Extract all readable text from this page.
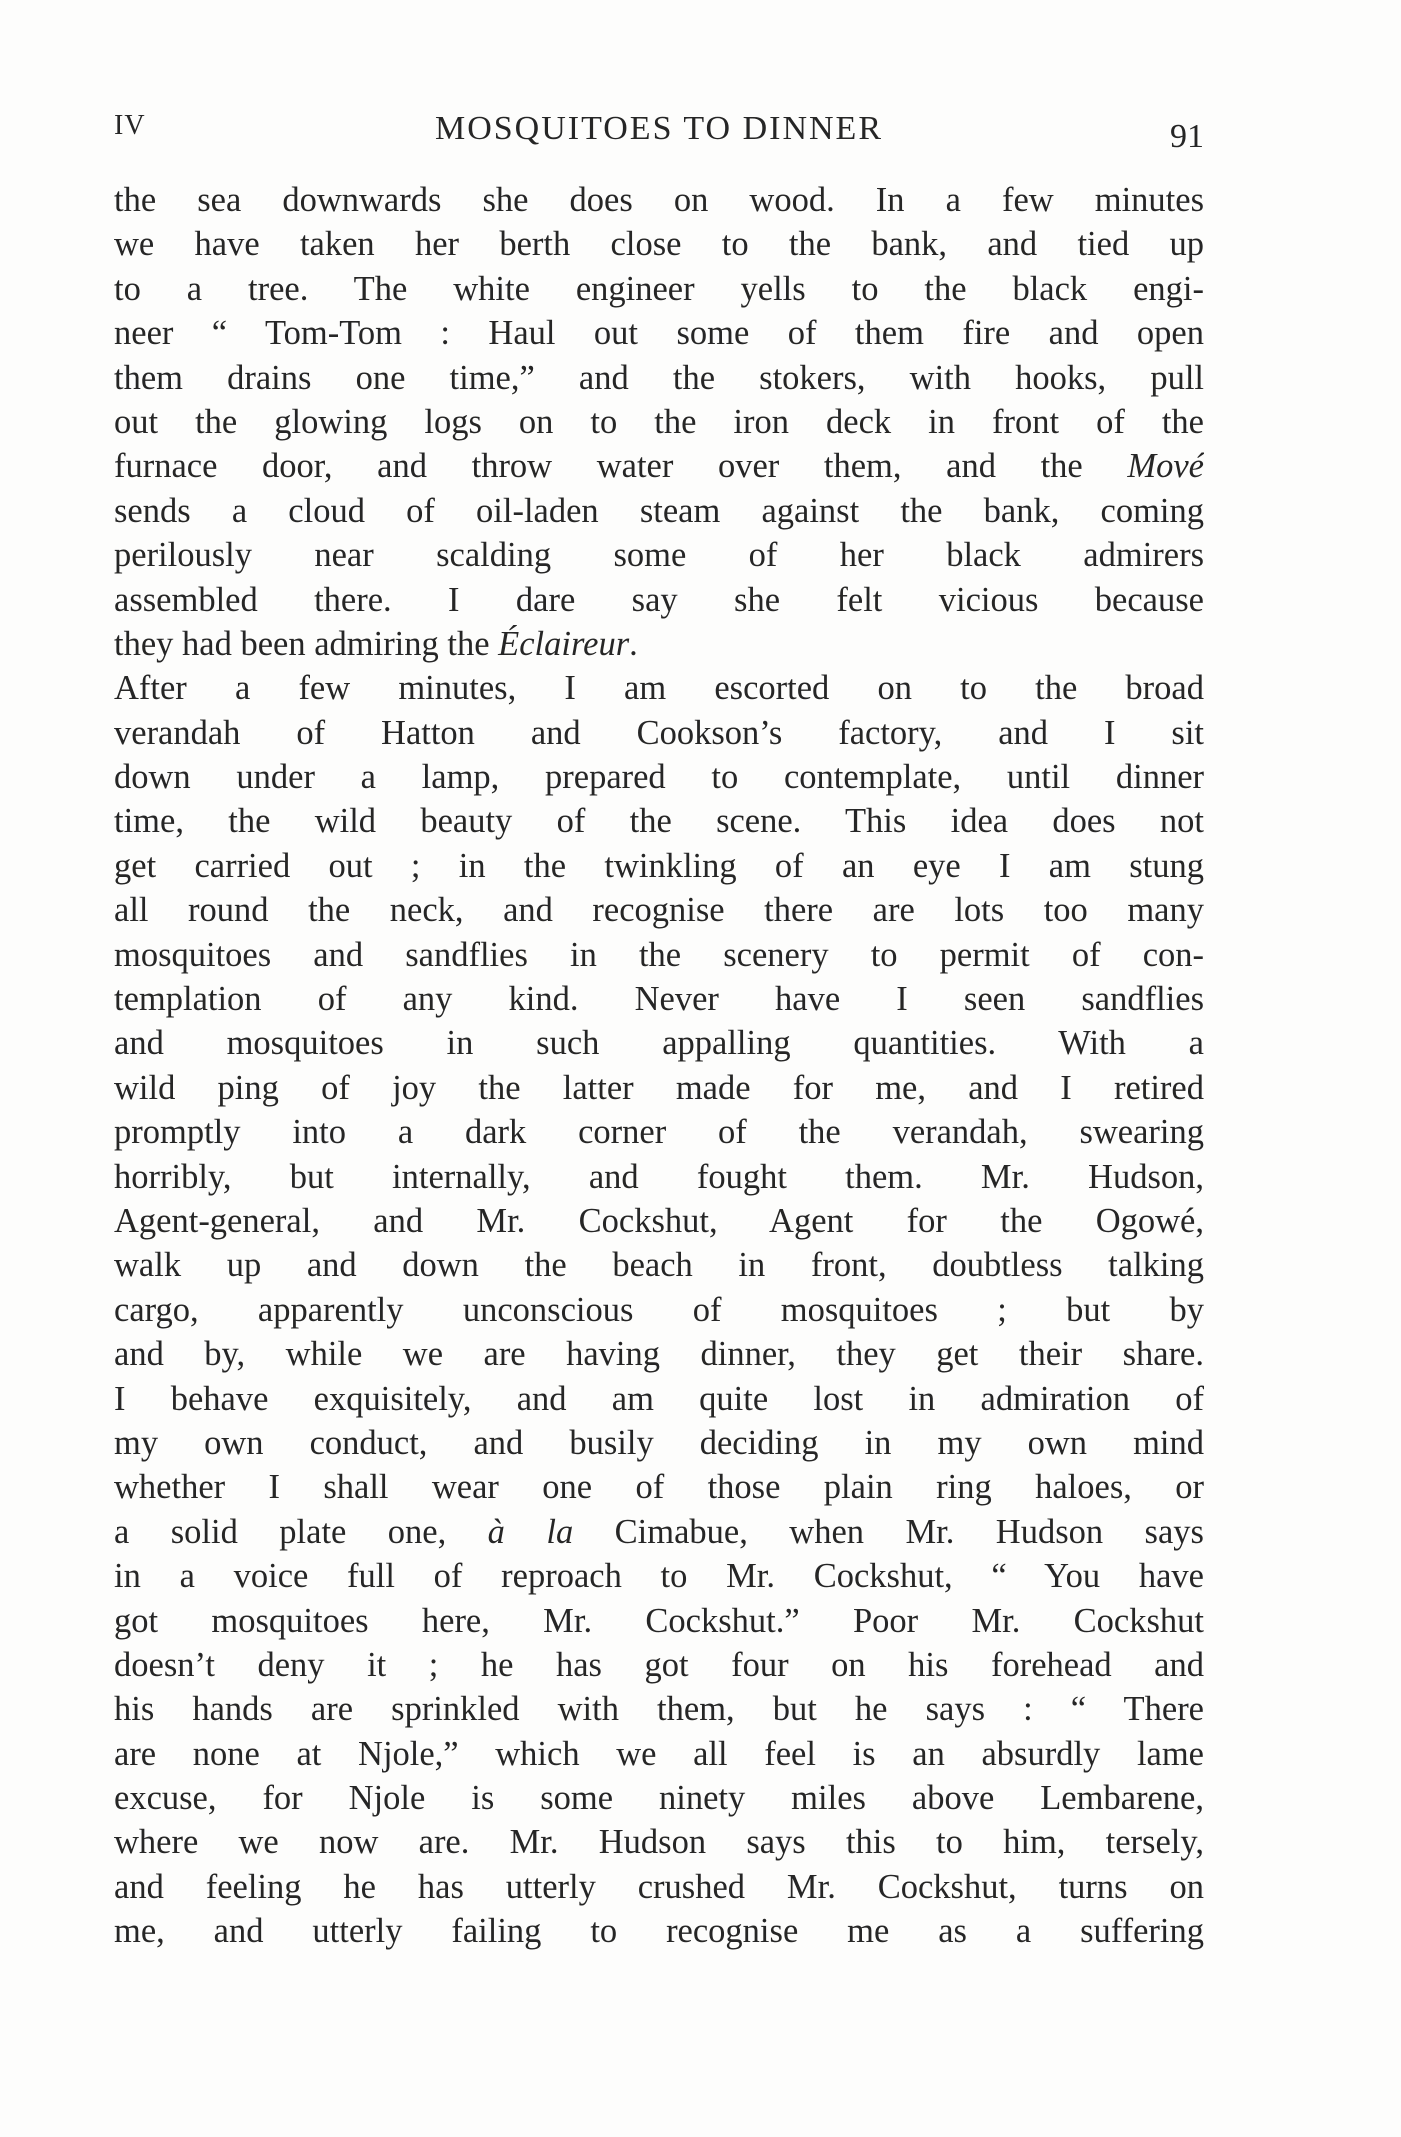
IV	MOSQUITOES TO DINNER	91
the sea downwards she does on wood. In a few minutes
we have taken her berth close to the bank, and tied up
to a tree. The white engineer yells to the black engi-
neer “ Tom-Tom : Haul out some of them fire and open
them drains one time,” and the stokers, with hooks, pull
out the glowing logs on to the iron deck in front of the
furnace door, and throw water over them, and the Mové
sends a cloud of oil-laden steam against the bank, coming
perilously near scalding some of her black admirers
assembled there. I dare say she felt vicious because
they had been admiring the Éclaireur.
After a few minutes, I am escorted on to the broad
verandah of Hatton and Cookson’s factory, and I sit
down under a lamp, prepared to contemplate, until dinner
time, the wild beauty of the scene. This idea does not
get carried out ; in the twinkling of an eye I am stung
all round the neck, and recognise there are lots too many
mosquitoes and sandflies in the scenery to permit of con-
templation of any kind. Never have I seen sandflies
and mosquitoes in such appalling quantities. With a
wild ping of joy the latter made for me, and I retired
promptly into a dark corner of the verandah, swearing
horribly, but internally, and fought them. Mr. Hudson,
Agent-general, and Mr. Cockshut, Agent for the Ogowé,
walk up and down the beach in front, doubtless talking
cargo, apparently unconscious of mosquitoes ; but by
and by, while we are having dinner, they get their share.
I behave exquisitely, and am quite lost in admiration of
my own conduct, and busily deciding in my own mind
whether I shall wear one of those plain ring haloes, or
a solid plate one, à la Cimabue, when Mr. Hudson says
in a voice full of reproach to Mr. Cockshut, “ You have
got mosquitoes here, Mr. Cockshut.” Poor Mr. Cockshut
doesn’t deny it ; he has got four on his forehead and
his hands are sprinkled with them, but he says : “ There
are none at Njole,” which we all feel is an absurdly lame
excuse, for Njole is some ninety miles above Lembarene,
where we now are. Mr. Hudson says this to him, tersely,
and feeling he has utterly crushed Mr. Cockshut, turns on
me, and utterly failing to recognise me as a suffering
